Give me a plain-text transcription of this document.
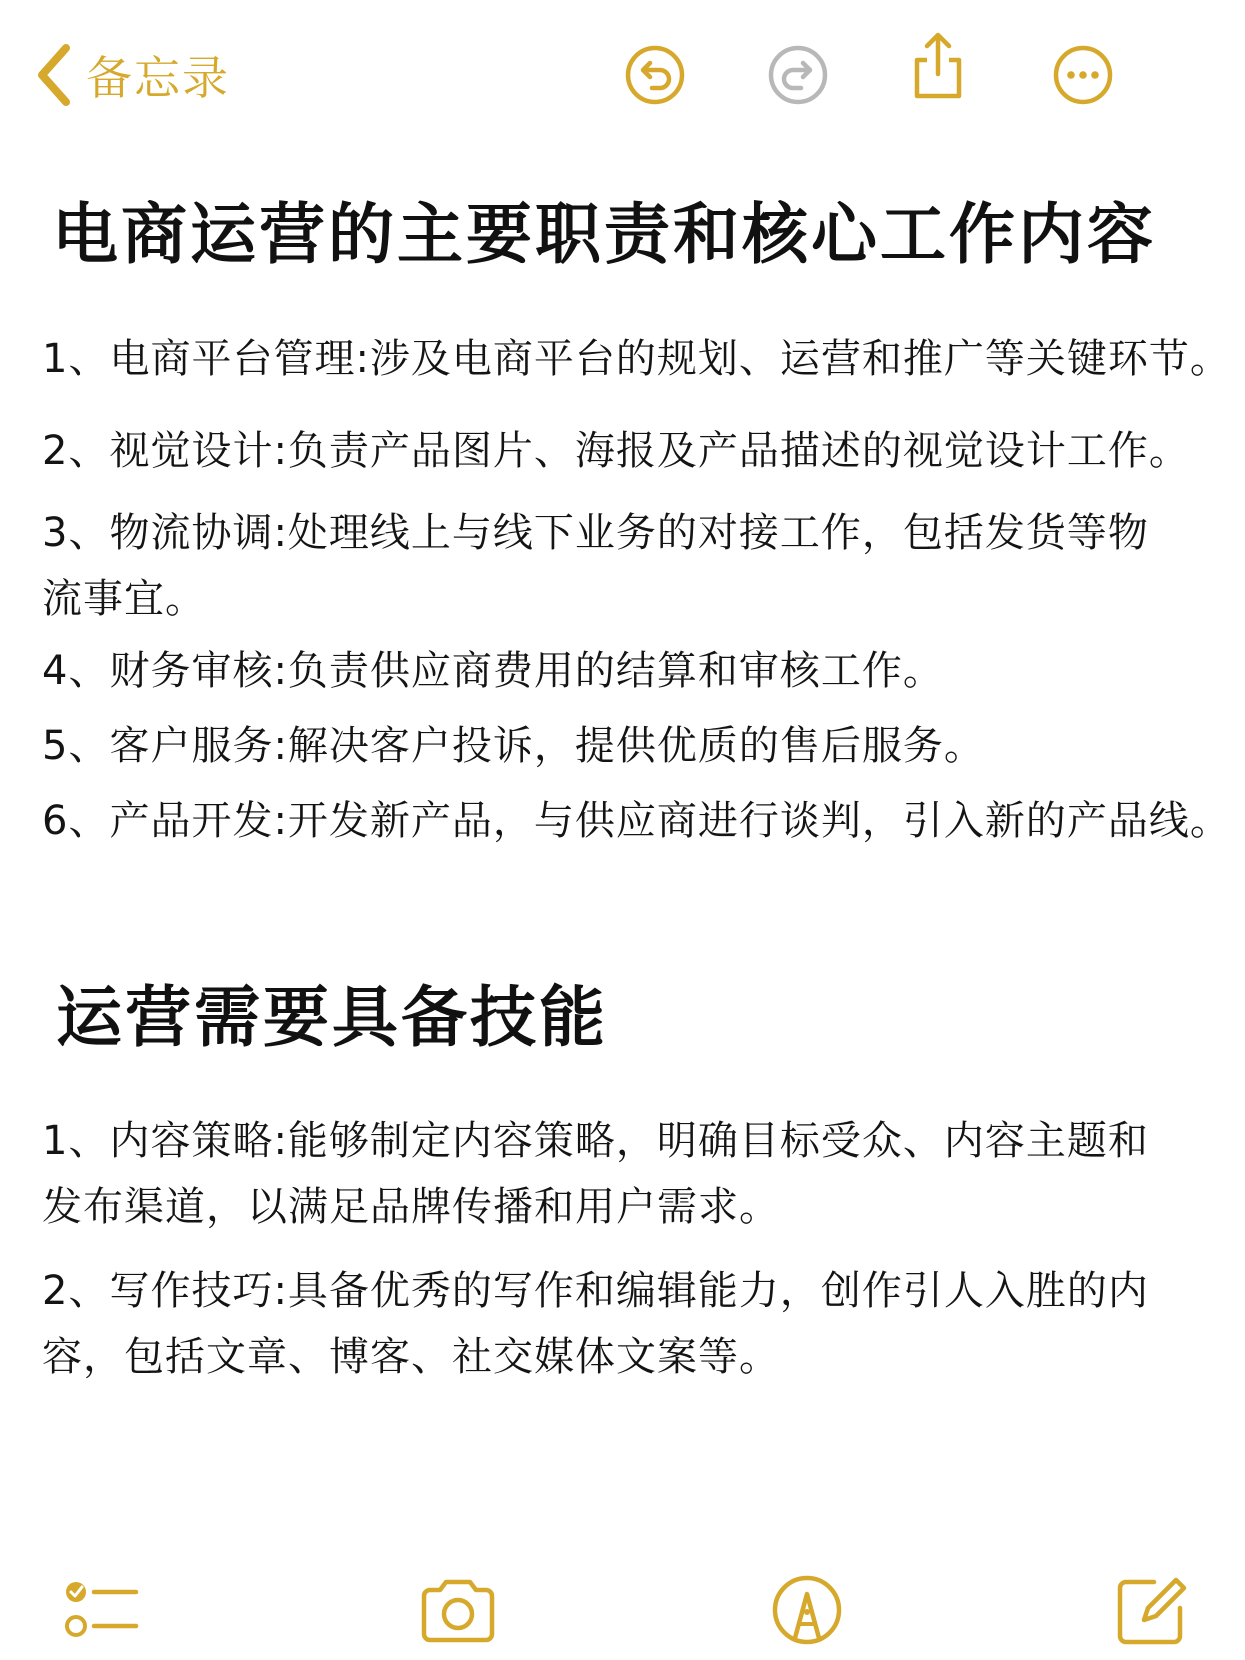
备忘录
电商运营的主要职责和核心工作内容
1、电商平台管理:涉及电商平台的规划、运营和推广等关键环节。
2、视觉设计:负责产品图片、海报及产品描述的视觉设计工作。
3、物流协调:处理线上与线下业务的对接工作，包括发货等物流事宜。
4、财务审核:负责供应商费用的结算和审核工作。
5、客户服务:解决客户投诉，提供优质的售后服务。
6、产品开发:开发新产品，与供应商进行谈判，引入新的产品线。
运营需要具备技能
1、内容策略:能够制定内容策略，明确目标受众、内容主题和发布渠道，以满足品牌传播和用户需求。
2、写作技巧:具备优秀的写作和编辑能力，创作引人入胜的内容，包括文章、博客、社交媒体文案等。
